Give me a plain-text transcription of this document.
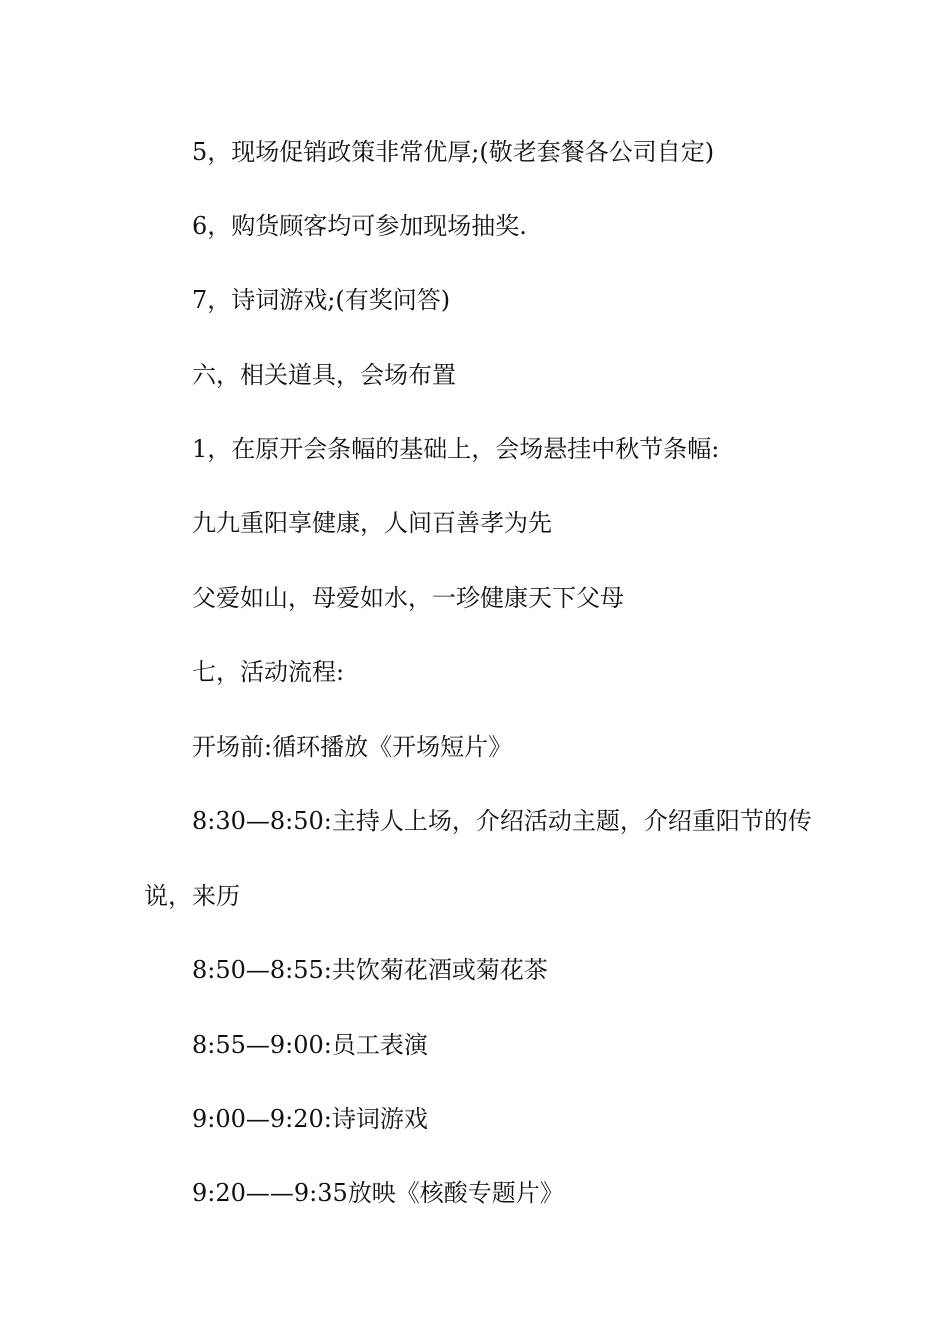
5，现场促销政策非常优厚;(敬老套餐各公司自定)

6，购货顾客均可参加现场抽奖.

7，诗词游戏;(有奖问答)

六，相关道具，会场布置

1，在原开会条幅的基础上，会场悬挂中秋节条幅:

九九重阳享健康，人间百善孝为先

父爱如山，母爱如水，一珍健康天下父母

七，活动流程:

开场前:循环播放《开场短片》

8:30—8:50:主持人上场，介绍活动主题，介绍重阳节的传

说，来历

8:50—8:55:共饮菊花酒或菊花茶

8:55—9:00:员工表演

9:00—9:20:诗词游戏

9:20——9:35放映《核酸专题片》
